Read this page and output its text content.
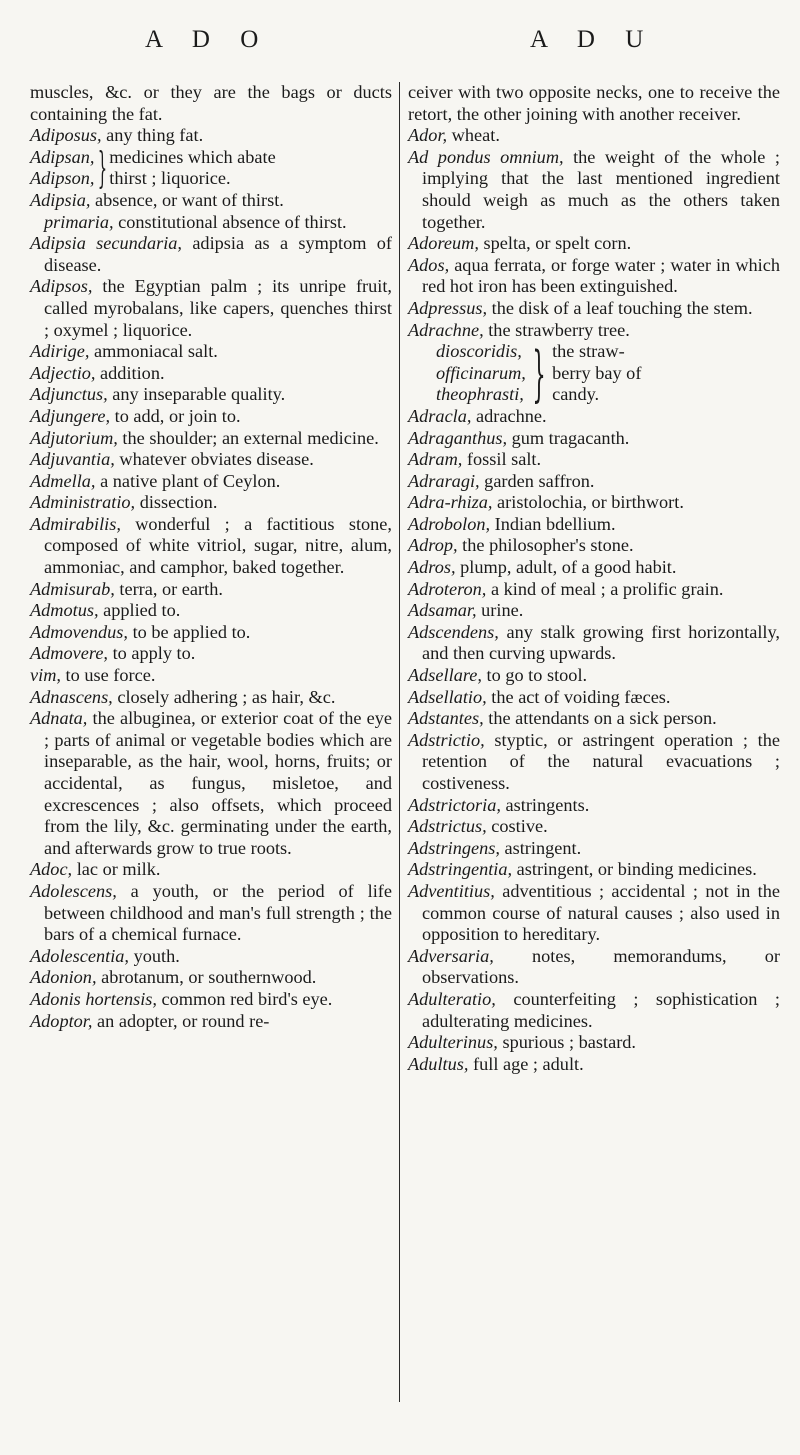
A D O	A D U
muscles, &c. or they are the bags or ducts containing the fat.
Adiposus, any thing fat.
Adipsan,
Adipson, } medicines which abate
thirst ; liquorice.
Adipsia, absence, or want of thirst.
primaria, constitutional absence of thirst.
Adipsia secundaria, adipsia as a symptom of disease.
Adipsos, the Egyptian palm ; its unripe fruit, called myrobalans, like capers, quenches thirst ; oxymel ; liquorice.
Adirige, ammoniacal salt.
Adjectio, addition.
Adjunctus, any inseparable quality.
Adjungere, to add, or join to.
Adjutorium, the shoulder; an external medicine.
Adjuvantia, whatever obviates disease.
Admella, a native plant of Ceylon.
Administratio, dissection.
Admirabilis, wonderful ; a factitious stone, composed of white vitriol, sugar, nitre, alum, ammoniac, and camphor, baked together.
Admisurab, terra, or earth.
Admotus, applied to.
Admovendus, to be applied to.
Admovere, to apply to.
vim, to use force.
Adnascens, closely adhering ; as hair, &c.
Adnata, the albuginea, or exterior coat of the eye ; parts of animal or vegetable bodies which are inseparable, as the hair, wool, horns, fruits; or accidental, as fungus, misletoe, and excrescences ; also offsets, which proceed from the lily, &c. germinating under the earth, and afterwards grow to true roots.
Adoc, lac or milk.
Adolescens, a youth, or the period of life between childhood and man's full strength ; the bars of a chemical furnace.
Adolescentia, youth.
Adonion, abrotanum, or southernwood.
Adonis hortensis, common red bird's eye.
Adoptor, an adopter, or round re-
ceiver with two opposite necks, one to receive the retort, the other joining with another receiver.
Ador, wheat.
Ad pondus omnium, the weight of the whole ; implying that the last mentioned ingredient should weigh as much as the others taken together.
Adoreum, spelta, or spelt corn.
Ados, aqua ferrata, or forge water ; water in which red hot iron has been extinguished.
Adpressus, the disk of a leaf touching the stem.
Adrachne, the strawberry tree.
dioscoridis,
officinarum,
theophrasti, } the straw-
berry bay of
candy.
Adracla, adrachne.
Adraganthus, gum tragacanth.
Adram, fossil salt.
Adraragi, garden saffron.
Adra-rhiza, aristolochia, or birthwort.
Adrobolon, Indian bdellium.
Adrop, the philosopher's stone.
Adros, plump, adult, of a good habit.
Adroteron, a kind of meal ; a prolific grain.
Adsamar, urine.
Adscendens, any stalk growing first horizontally, and then curving upwards.
Adsellare, to go to stool.
Adsellatio, the act of voiding fæces.
Adstantes, the attendants on a sick person.
Adstrictio, styptic, or astringent operation ; the retention of the natural evacuations ; costiveness.
Adstrictoria, astringents.
Adstrictus, costive.
Adstringens, astringent.
Adstringentia, astringent, or binding medicines.
Adventitius, adventitious ; accidental ; not in the common course of natural causes ; also used in opposition to hereditary.
Adversaria, notes, memorandums, or observations.
Adulteratio, counterfeiting ; sophistication ; adulterating medicines.
Adulterinus, spurious ; bastard.
Adultus, full age ; adult.
